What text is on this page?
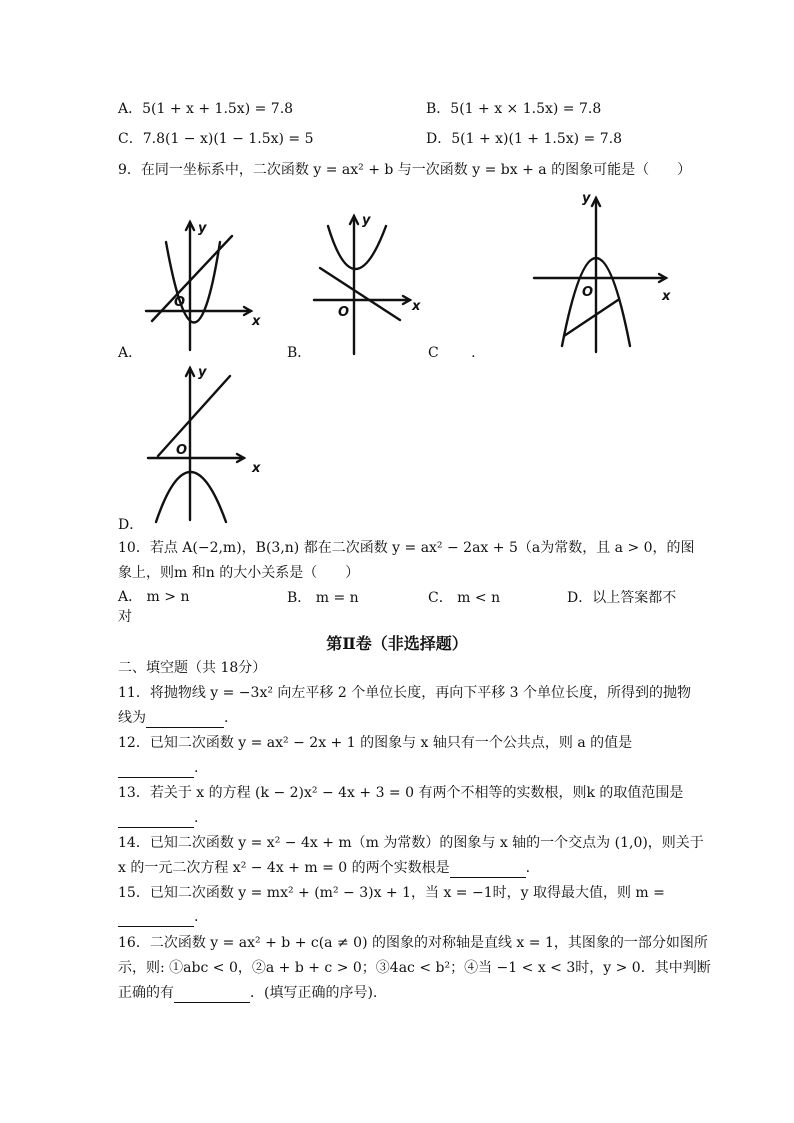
A．5(1 + x + 1.5x) = 7.8	B．5(1 + x × 1.5x) = 7.8
C．7.8(1 − x)(1 − 1.5x) = 5	D．5(1 + x)(1 + 1.5x) = 7.8
9．在同一坐标系中，二次函数 y = ax² + b 与一次函数 y = bx + a 的图象可能是（　　）
y
x
O
A．
y
x
O
B．
y
x
O
C　　 .
y
x
O
D．
10．若点 A(−2,m)，B(3,n) 都在二次函数 y = ax² − 2ax + 5（a为常数，且 a > 0，的图
象上，则m 和n 的大小关系是（　　）
A． m > n	B． m = n	C． m < n	D．以上答案都不
对
第Ⅱ卷（非选择题）
二、填空题（共 18分）
11．将抛物线 y = −3x² 向左平移 2 个单位长度，再向下平移 3 个单位长度，所得到的抛物
线为	.
12．已知二次函数 y = ax² − 2x + 1 的图象与 x 轴只有一个公共点，则 a 的值是
.
13．若关于 x 的方程 (k − 2)x² − 4x + 3 = 0 有两个不相等的实数根，则k 的取值范围是
.
14．已知二次函数 y = x² − 4x + m（m 为常数）的图象与 x 轴的一个交点为 (1,0)，则关于
x 的一元二次方程 x² − 4x + m = 0 的两个实数根是	.
15．已知二次函数 y = mx² + (m² − 3)x + 1，当 x = −1时，y 取得最大值，则 m =
.
16．二次函数 y = ax² + b + c(a ≠ 0) 的图象的对称轴是直线 x = 1，其图象的一部分如图所
示，则: ①abc < 0，②a + b + c > 0；③4ac < b²；④当 −1 < x < 3时，y > 0．其中判断
正确的有	．(填写正确的序号).
